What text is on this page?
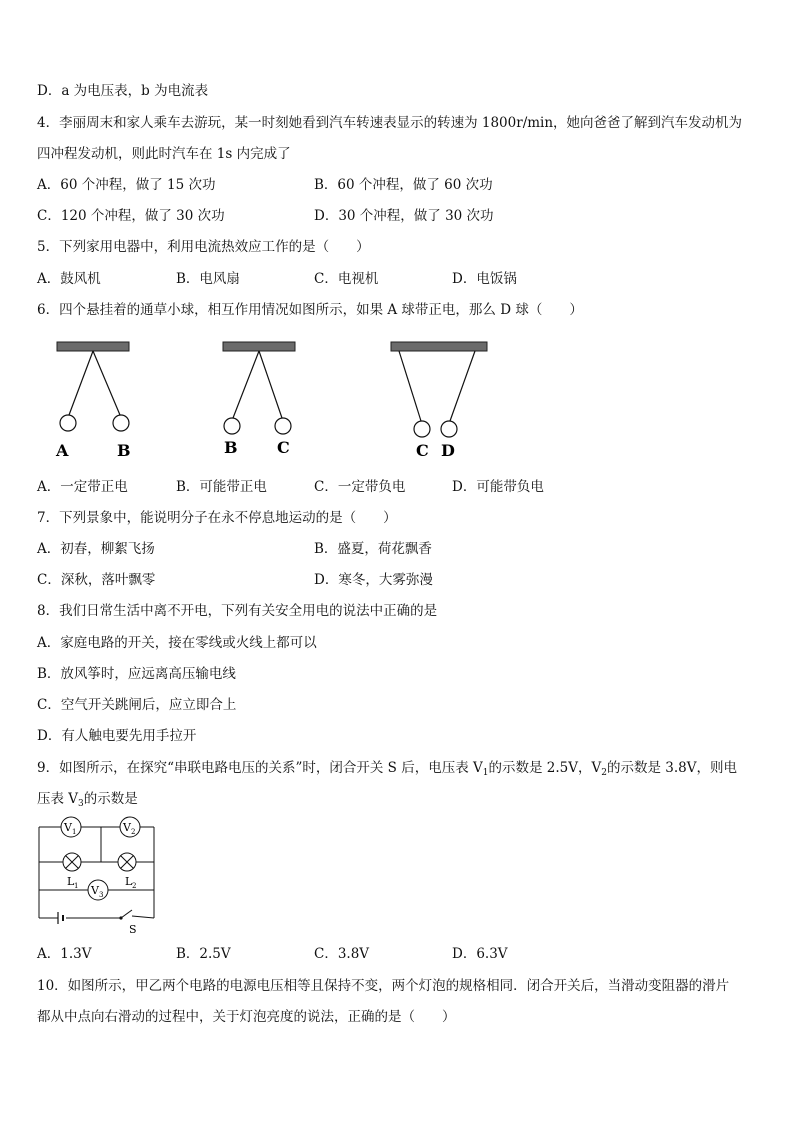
D．a 为电压表，b 为电流表
4．李丽周末和家人乘车去游玩，某一时刻她看到汽车转速表显示的转速为 1800r/min，她向爸爸了解到汽车发动机为
四冲程发动机，则此时汽车在 1s 内完成了
A．60 个冲程，做了 15 次功	B．60 个冲程，做了 60 次功
C．120 个冲程，做了 30 次功	D．30 个冲程，做了 30 次功
5．下列家用电器中，利用电流热效应工作的是（　　）
A．鼓风机	B．电风扇	C．电视机	D．电饭锅
6．四个悬挂着的通草小球，相互作用情况如图所示，如果 A 球带正电，那么 D 球（　　）
A	B	B C	C D
A．一定带正电	B．可能带正电	C．一定带负电	D．可能带负电
7．下列景象中，能说明分子在永不停息地运动的是（　　）
A．初春，柳絮飞扬	B．盛夏，荷花飘香
C．深秋，落叶飘零	D．寒冬，大雾弥漫
8．我们日常生活中离不开电，下列有关安全用电的说法中正确的是
A．家庭电路的开关，接在零线或火线上都可以
B．放风筝时，应远离高压输电线
C．空气开关跳闸后，应立即合上
D．有人触电要先用手拉开
9．如图所示，在探究“串联电路电压的关系”时，闭合开关 S 后，电压表 $V_1$的示数是 2.5V，$V_2$的示数是 3.8V，则电
压表 $V_3$的示数是
V 1	V 2
V 3
L 1	L 2
S
A．1.3V	B．2.5V	C．3.8V	D．6.3V
10．如图所示，甲乙两个电路的电源电压相等且保持不变，两个灯泡的规格相同．闭合开关后，当滑动变阻器的滑片
都从中点向右滑动的过程中，关于灯泡亮度的说法，正确的是（　　）
